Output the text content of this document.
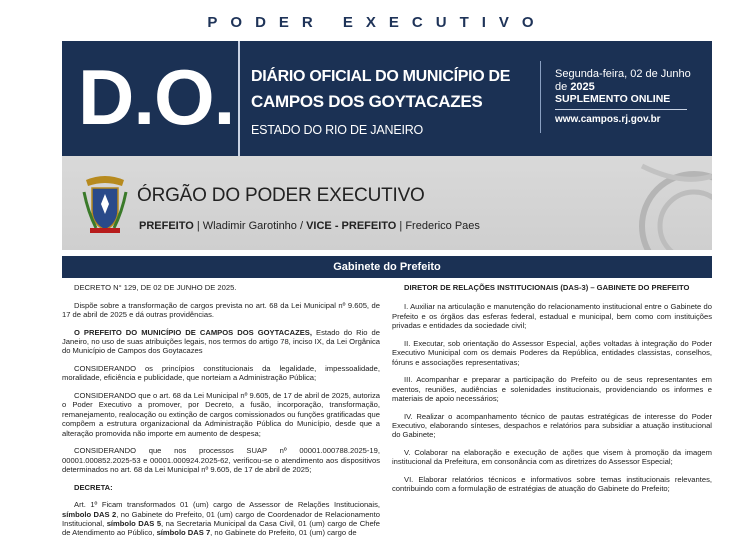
PODER EXECUTIVO
D.O. DIÁRIO OFICIAL DO MUNICÍPIO DE
CAMPOS DOS GOYTACAZES
ESTADO DO RIO DE JANEIRO
Segunda-feira, 02 de Junho de 2025
SUPLEMENTO ONLINE
www.campos.rj.gov.br
ÓRGÃO DO PODER EXECUTIVO
PREFEITO | Wladimir Garotinho / VICE - PREFEITO | Frederico Paes
Gabinete do Prefeito

DECRETO N° 129, DE 02 DE JUNHO DE 2025.

Dispõe sobre a transformação de cargos prevista no art. 68 da Lei Municipal nº 9.605, de 17 de abril de 2025 e dá outras providências.

O PREFEITO DO MUNICÍPIO DE CAMPOS DOS GOYTACAZES, Estado do Rio de Janeiro, no uso de suas atribuições legais, nos termos do artigo 78, inciso IX, da Lei Orgânica do Município de Campos dos Goytacazes

CONSIDERANDO os princípios constitucionais da legalidade, impessoalidade, moralidade, eficiência e publicidade, que norteiam a Administração Pública;

CONSIDERANDO que o art. 68 da Lei Municipal nº 9.605, de 17 de abril de 2025, autoriza o Poder Executivo a promover, por Decreto, a fusão, incorporação, transformação, remanejamento, realocação ou extinção de cargos comissionados ou funções gratificadas que compõem a estrutura organizacional da Administração Pública do Município, desde que a alteração promovida não importe em aumento de despesa;

CONSIDERANDO que nos processos SUAP nº 00001.000788.2025-19, 00001.000852.2025-53 e 00001.000924.2025-62, verificou-se o atendimento aos dispositivos determinados no art. 68 da Lei Municipal nº 9.605, de 17 de abril de 2025;

DECRETA:

Art. 1º Ficam transformados 01 (um) cargo de Assessor de Relações Institucionais, símbolo DAS 2, no Gabinete do Prefeito, 01 (um) cargo de Coordenador de Relacionamento Institucional, símbolo DAS 5, na Secretaria Municipal da Casa Civil, 01 (um) cargo de Chefe de Atendimento ao Público, símbolo DAS 7, no Gabinete do Prefeito, 01 (um) cargo de

DIRETOR DE RELAÇÕES INSTITUCIONAIS (DAS-3) – GABINETE DO PREFEITO

I. Auxiliar na articulação e manutenção do relacionamento institucional entre o Gabinete do Prefeito e os órgãos das esferas federal, estadual e municipal, bem como com instituições privadas e entidades da sociedade civil;

II. Executar, sob orientação do Assessor Especial, ações voltadas à integração do Poder Executivo Municipal com os demais Poderes da República, entidades classistas, conselhos, fóruns e associações representativas;

III. Acompanhar e preparar a participação do Prefeito ou de seus representantes em eventos, reuniões, audiências e solenidades institucionais, providenciando os informes e materiais de apoio necessários;

IV. Realizar o acompanhamento técnico de pautas estratégicas de interesse do Poder Executivo, elaborando sínteses, despachos e relatórios para subsidiar a atuação institucional do Gabinete;

V. Colaborar na elaboração e execução de ações que visem à promoção da imagem institucional da Prefeitura, em consonância com as diretrizes do Assessor Especial;

VI. Elaborar relatórios técnicos e informativos sobre temas institucionais relevantes, contribuindo com a formulação de estratégias de atuação do Gabinete do Prefeito;
